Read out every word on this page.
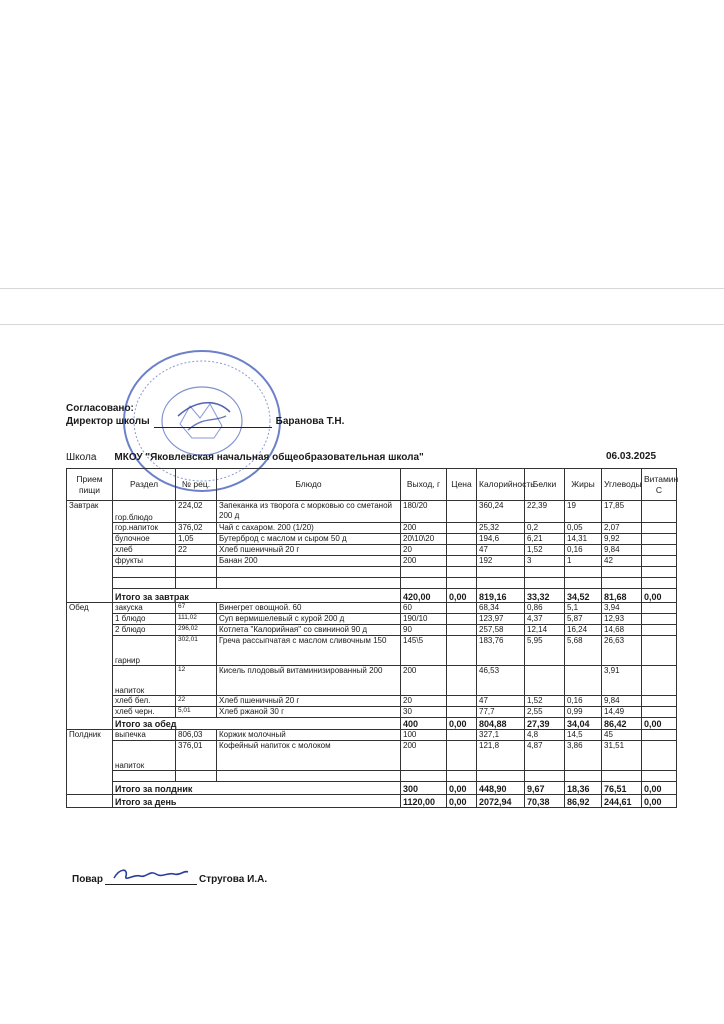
Согласовано:
Директор школы	Баранова Т.Н.
Школа МКОУ "Яковлевская начальная общеобразовательная школа"	06.03.2025
Прием пищи	Раздел	№ рец.	Блюдо	Выход, г	Цена	Калорийность	Белки	Жиры	Углеводы	Витамин С
Завтрак	гор.блюдо	224,02	Запеканка из творога с морковью со сметаной 200 д	180/20		360,24	22,39	19	17,85	
	гор.напиток	376,02	Чай с сахаром. 200 (1/20)	200		25,32	0,2	0,05	2,07	
	булочное	1,05	Бутерброд с маслом и сыром 50 д	20\10\20		194,6	6,21	14,31	9,92	
	хлеб	22	Хлеб пшеничный 20 г	20		47	1,52	0,16	9,84	
	фрукты		Банан 200	200		192	3	1	42	

	Итого за завтрак			420,00	0,00	819,16	33,32	34,52	81,68	0,00
Обед	закуска	67	Винегрет овощной. 60	60		68,34	0,86	5,1	3,94	
	1 блюдо	111,02	Суп вермишелевый с курой 200 д	190/10		123,97	4,37	5,87	12,93	
	2 блюдо	296,02	Котлета "Калорийная" со свининой 90 д	90		257,58	12,14	16,24	14,68	
	гарнир	302,01	Греча рассыпчатая с маслом сливочным 150	145\5		183,76	5,95	5,68	26,63	
	напиток	12	Кисель плодовый витаминизированный 200	200		46,53			3,91	
	хлеб бел.	22	Хлеб пшеничный 20 г	20		47	1,52	0,16	9,84	
	хлеб черн.	5,01	Хлеб ржаной 30 г	30		77,7	2,55	0,99	14,49	
	Итого за обед			400	0,00	804,88	27,39	34,04	86,42	0,00
Полдник	выпечка	806,03	Коржик молочный	100		327,1	4,8	14,5	45	
	напиток	376,01	Кофейный напиток с молоком	200		121,8	4,87	3,86	31,51	

	Итого за полдник			300	0,00	448,90	9,67	18,36	76,51	0,00
	Итого за день			1120,00	0,00	2072,94	70,38	86,92	244,61	0,00
Повар	Стругова И.А.
